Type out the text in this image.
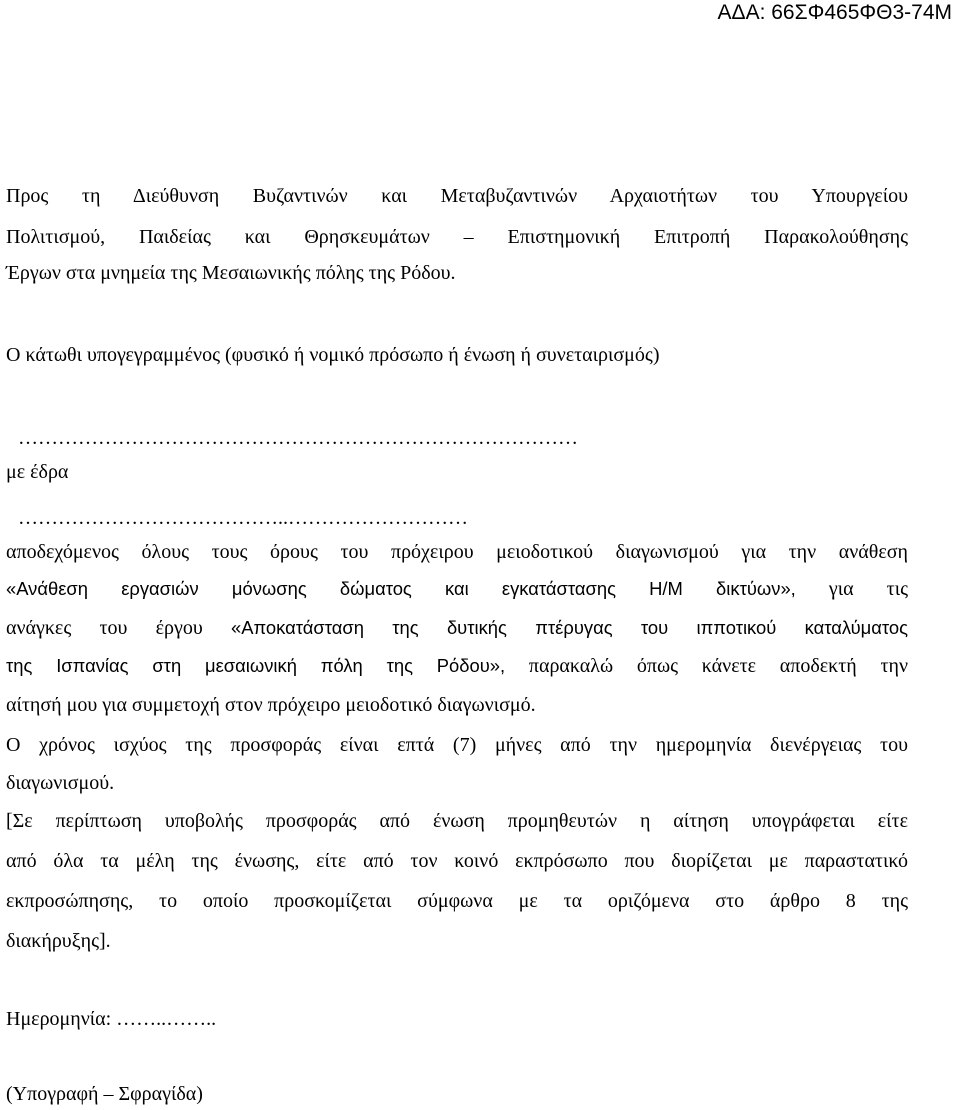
ΑΔΑ: 66ΣΦ465ΦΘ3-74Μ
Προς τη Διεύθυνση Βυζαντινών και Μεταβυζαντινών Αρχαιοτήτων του Υπουργείου
Πολιτισμού, Παιδείας και Θρησκευμάτων – Επιστημονική Επιτροπή Παρακολούθησης
Έργων στα μνημεία της Μεσαιωνικής πόλης της Ρόδου.
Ο κάτωθι υπογεγραμμένος (φυσικό ή νομικό πρόσωπο ή ένωση ή συνεταιρισμός)
…………………………………………………………………………
με έδρα
…………………………………..………………………
αποδεχόμενος όλους τους όρους του πρόχειρου μειοδοτικού διαγωνισμού για την ανάθεση
«Ανάθεση εργασιών μόνωσης δώματος και εγκατάστασης Η/Μ δικτύων», για τις
ανάγκες του έργου «Αποκατάσταση της δυτικής πτέρυγας του ιπποτικού καταλύματος
της Ισπανίας στη μεσαιωνική πόλη της Ρόδου», παρακαλώ όπως κάνετε αποδεκτή την
αίτησή μου για συμμετοχή στον πρόχειρο μειοδοτικό διαγωνισμό.
Ο χρόνος ισχύος της προσφοράς είναι επτά (7) μήνες από την ημερομηνία διενέργειας του
διαγωνισμού.
[Σε περίπτωση υποβολής προσφοράς από ένωση προμηθευτών η αίτηση υπογράφεται είτε
από όλα τα μέλη της ένωσης, είτε από τον κοινό εκπρόσωπο που διορίζεται με παραστατικό
εκπροσώπησης, το οποίο προσκομίζεται σύμφωνα με τα οριζόμενα στο άρθρο 8 της
διακήρυξης].
Ημερομηνία: ……..……..
(Υπογραφή – Σφραγίδα)
